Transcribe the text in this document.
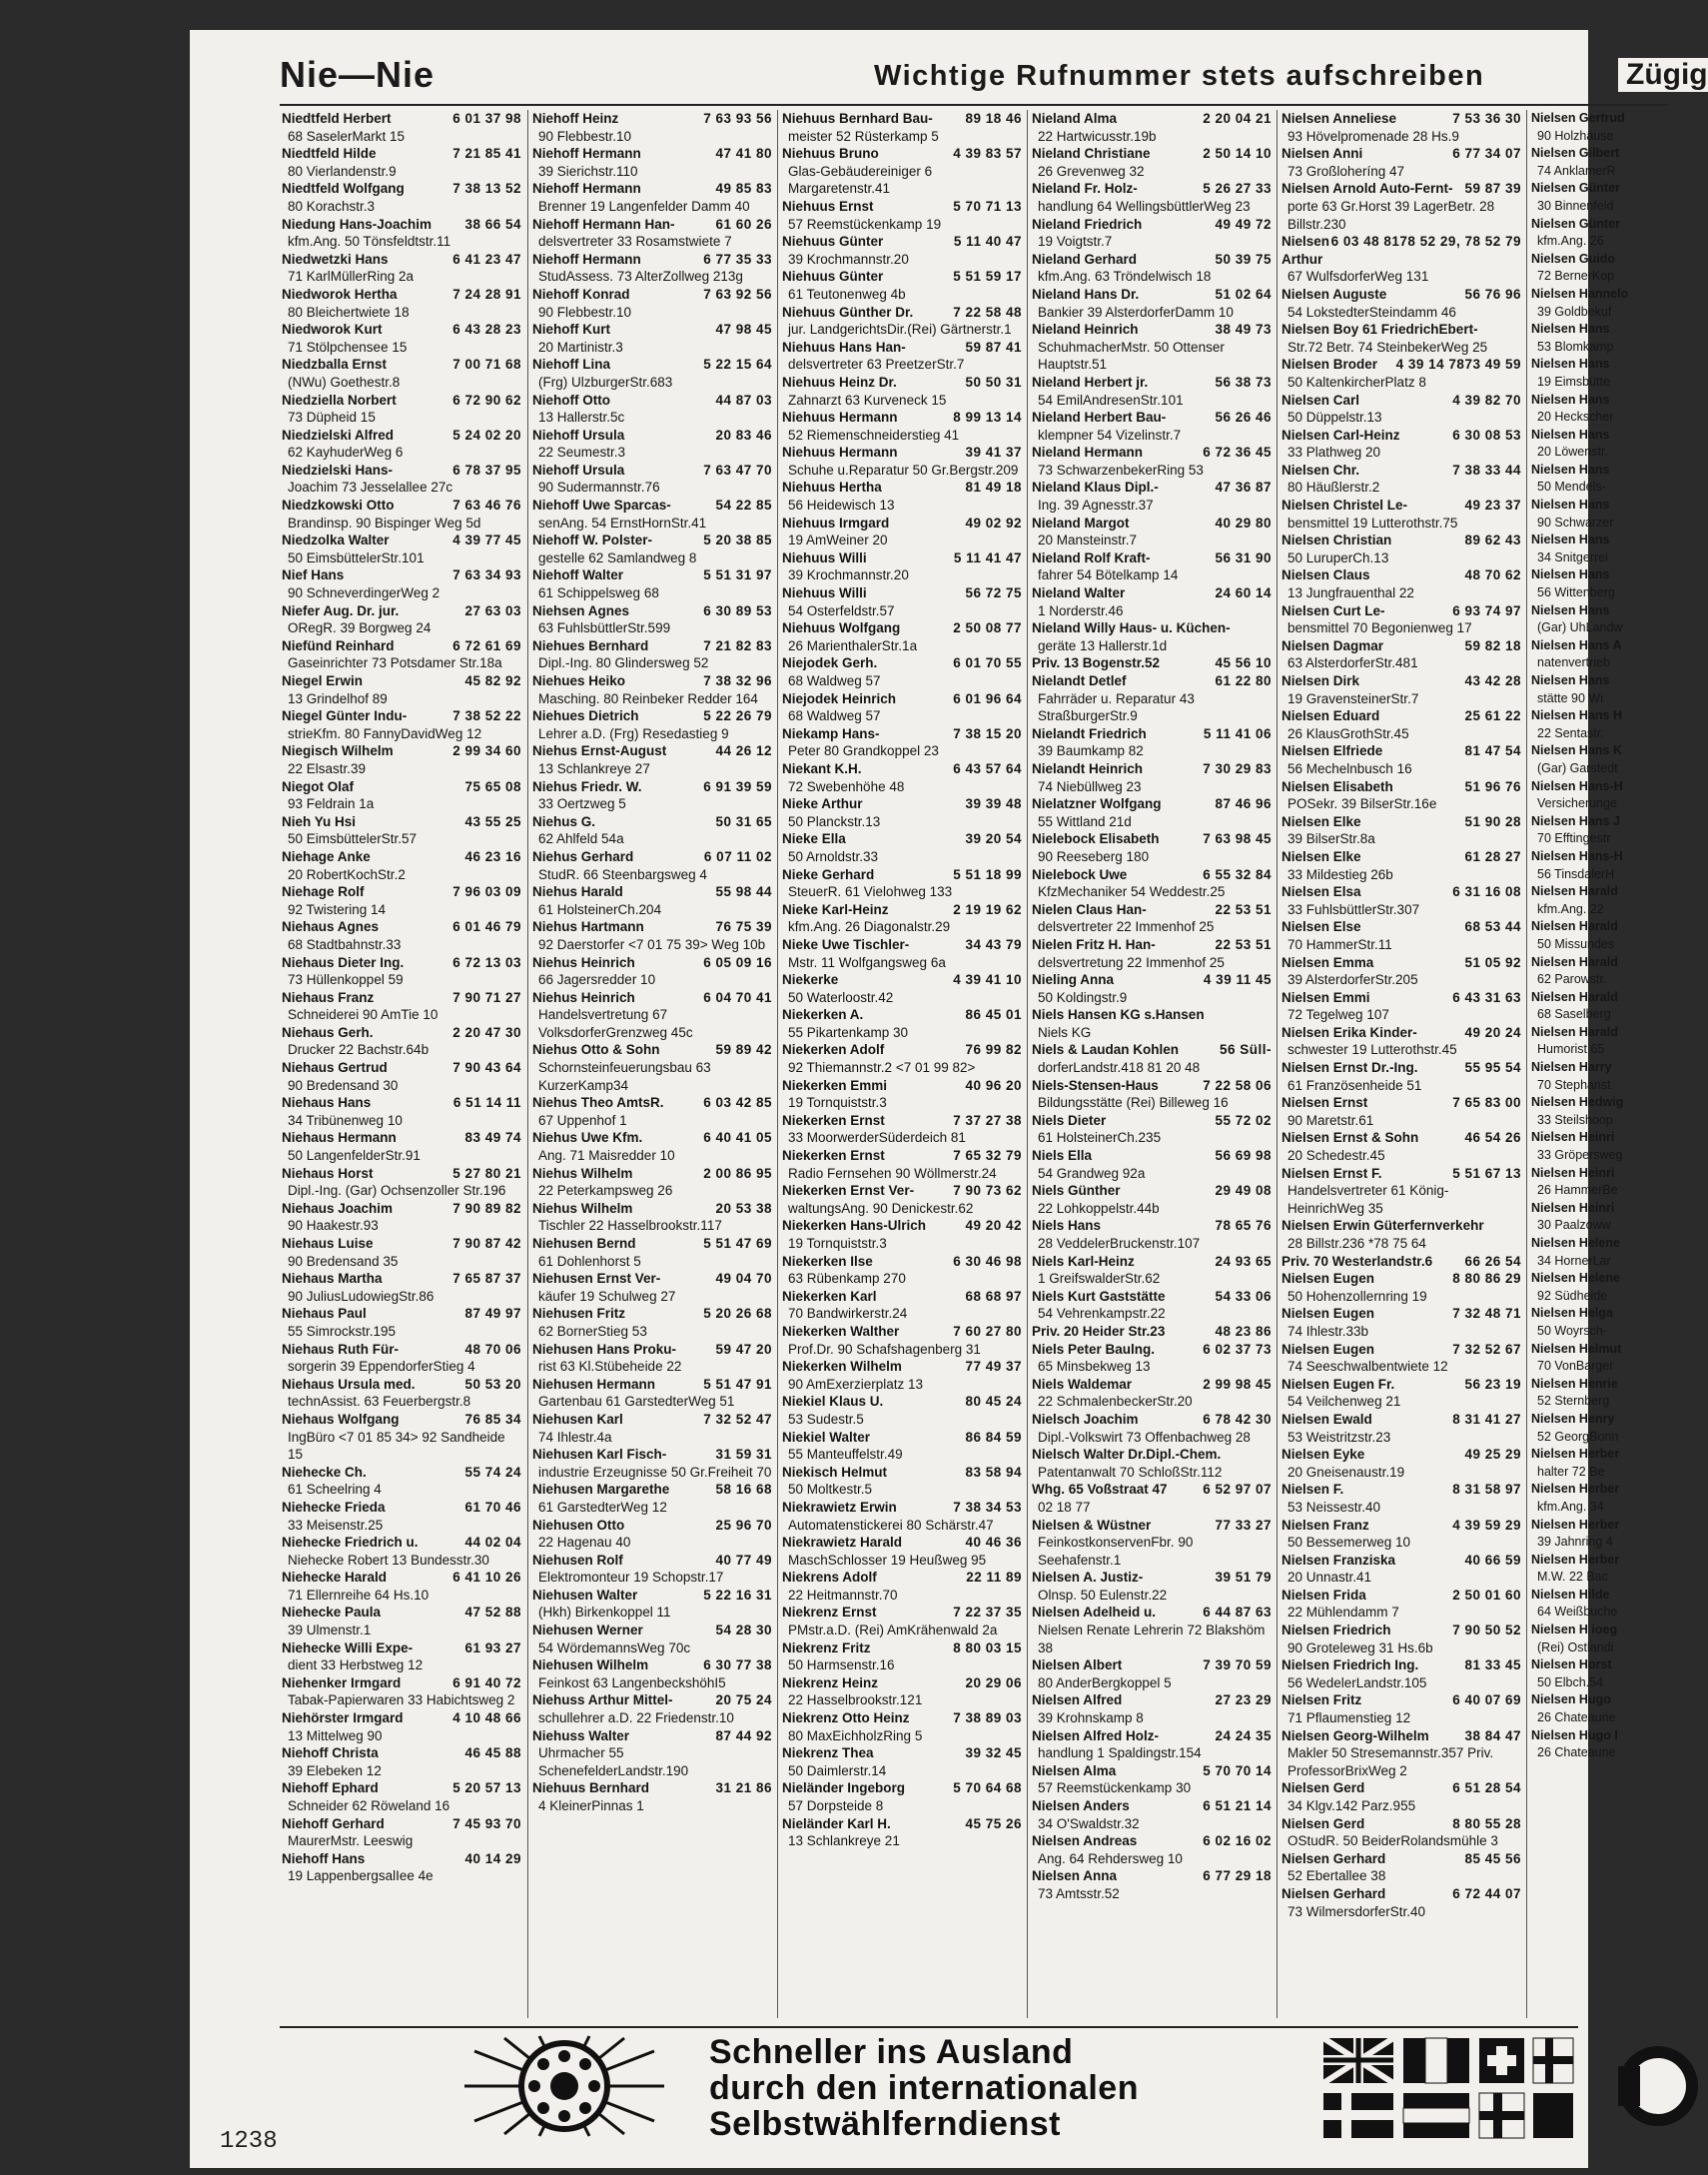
Nie—Nie	Wichtige Rufnummer stets aufschreiben	Zügig
6 01 37 98
Niedtfeld Herbert
68 SaselerMarkt 15
7 21 85 41
Niedtfeld Hilde
80 Vierlandenstr.9
7 38 13 52
Niedtfeld Wolfgang
80 Korachstr.3
38 66 54
Niedung Hans-Joachim
kfm.Ang. 50 Tönsfeldtstr.11
6 41 23 47
Niedwetzki Hans
71 KarlMüllerRing 2a
7 24 28 91
Niedworok Hertha
80 Bleichertwiete 18
6 43 28 23
Niedworok Kurt
71 Stölpchensee 15
7 00 71 68
Niedzballa Ernst
(NWu) Goethestr.8
6 72 90 62
Niedziella Norbert
73 Düpheid 15
5 24 02 20
Niedzielski Alfred
62 KayhuderWeg 6
6 78 37 95
Niedzielski Hans-
Joachim 73 Jesselallee 27c
7 63 46 76
Niedzkowski Otto
Brandinsp. 90 Bispinger Weg 5d
4 39 77 45
Niedzolka Walter
50 EimsbüttelerStr.101
7 63 34 93
Nief Hans
90 SchneverdingerWeg 2
27 63 03
Niefer Aug. Dr. jur.
ORegR. 39 Borgweg 24
6 72 61 69
Niefünd Reinhard
Gaseinrichter 73 Potsdamer Str.18a
45 82 92
Niegel Erwin
13 Grindelhof 89
7 38 52 22
Niegel Günter Indu-
strieKfm. 80 FannyDavidWeg 12
2 99 34 60
Niegisch Wilhelm
22 Elsastr.39
75 65 08
Niegot Olaf
93 Feldrain 1a
43 55 25
Nieh Yu Hsi
50 EimsbüttelerStr.57
46 23 16
Niehage Anke
20 RobertKochStr.2
7 96 03 09
Niehage Rolf
92 Twistering 14
6 01 46 79
Niehaus Agnes
68 Stadtbahnstr.33
6 72 13 03
Niehaus Dieter Ing.
73 Hüllenkoppel 59
7 90 71 27
Niehaus Franz
Schneiderei 90 AmTie 10
2 20 47 30
Niehaus Gerh.
Drucker 22 Bachstr.64b
7 90 43 64
Niehaus Gertrud
90 Bredensand 30
6 51 14 11
Niehaus Hans
34 Tribünenweg 10
83 49 74
Niehaus Hermann
50 LangenfelderStr.91
5 27 80 21
Niehaus Horst
Dipl.-Ing. (Gar) Ochsenzoller Str.196
7 90 89 82
Niehaus Joachim
90 Haakestr.93
7 90 87 42
Niehaus Luise
90 Bredensand 35
7 65 87 37
Niehaus Martha
90 JuliusLudowiegStr.86
87 49 97
Niehaus Paul
55 Simrockstr.195
48 70 06
Niehaus Ruth Für-
sorgerin 39 EppendorferStieg 4
50 53 20
Niehaus Ursula med.
technAssist. 63 Feuerbergstr.8
76 85 34
Niehaus Wolfgang
IngBüro <7 01 85 34> 92 Sandheide 15
55 74 24
Niehecke Ch.
61 Scheelring 4
61 70 46
Niehecke Frieda
33 Meisenstr.25
44 02 04
Niehecke Friedrich u.
Niehecke Robert 13 Bundesstr.30
6 41 10 26
Niehecke Harald
71 Ellernreihe 64 Hs.10
47 52 88
Niehecke Paula
39 Ulmenstr.1
61 93 27
Niehecke Willi Expe-
dient 33 Herbstweg 12
6 91 40 72
Niehenker Irmgard
Tabak-Papierwaren 33 Habichtsweg 2
4 10 48 66
Niehörster Irmgard
13 Mittelweg 90
46 45 88
Niehoff Christa
39 Elebeken 12
5 20 57 13
Niehoff Ephard
Schneider 62 Röweland 16
7 45 93 70
Niehoff Gerhard
MaurerMstr. Leeswig
40 14 29
Niehoff Hans
19 LappenbergsalIee 4e
7 63 93 56
Niehoff Heinz
90 Flebbestr.10
47 41 80
Niehoff Hermann
39 Sierichstr.110
49 85 83
Niehoff Hermann
Brenner 19 Langenfelder Damm 40
61 60 26
Niehoff Hermann Han-
delsvertreter 33 Rosamstwiete 7
6 77 35 33
Niehoff Hermann
StudAssess. 73 AlterZollweg 213g
7 63 92 56
Niehoff Konrad
90 Flebbestr.10
47 98 45
Niehoff Kurt
20 Martinistr.3
5 22 15 64
Niehoff Lina
(Frg) UlzburgerStr.683
44 87 03
Niehoff Otto
13 Hallerstr.5c
20 83 46
Niehoff Ursula
22 Seumestr.3
7 63 47 70
Niehoff Ursula
90 Sudermannstr.76
54 22 85
Niehoff Uwe Sparcas-
senAng. 54 ErnstHornStr.41
5 20 38 85
Niehoff W. Polster-
gestelle 62 Samlandweg 8
5 51 31 97
Niehoff Walter
61 Schippelsweg 68
6 30 89 53
Niehsen Agnes
63 FuhlsbüttlerStr.599
7 21 82 83
Niehues Bernhard
Dipl.-Ing. 80 Glindersweg 52
7 38 32 96
Niehues Heiko
Masching. 80 Reinbeker Redder 164
5 22 26 79
Niehues Dietrich
Lehrer a.D. (Frg) Resedastieg 9
44 26 12
Niehus Ernst-August
13 Schlankreye 27
6 91 39 59
Niehus Friedr. W.
33 Oertzweg 5
50 31 65
Niehus G.
62 Ahlfeld 54a
6 07 11 02
Niehus Gerhard
StudR. 66 Steenbargsweg 4
55 98 44
Niehus Harald
61 HolsteinerCh.204
76 75 39
Niehus Hartmann
92 Daerstorfer <7 01 75 39> Weg 10b
6 05 09 16
Niehus Heinrich
66 Jagersredder 10
6 04 70 41
Niehus Heinrich
Handelsvertretung 67 VolksdorferGrenzweg 45c
59 89 42
Niehus Otto & Sohn
Schornsteinfeuerungsbau 63 KurzerKamp34
6 03 42 85
Niehus Theo AmtsR.
67 Uppenhof 1
6 40 41 05
Niehus Uwe Kfm.
Ang. 71 Maisredder 10
2 00 86 95
Niehus Wilhelm
22 Peterkampsweg 26
20 53 38
Niehus Wilhelm
Tischler 22 Hasselbrookstr.117
5 51 47 69
Niehusen Bernd
61 Dohlenhorst 5
49 04 70
Niehusen Ernst Ver-
käufer 19 Schulweg 27
5 20 26 68
Niehusen Fritz
62 BornerStieg 53
59 47 20
Niehusen Hans Proku-
rist 63 Kl.Stübeheide 22
5 51 47 91
Niehusen Hermann
Gartenbau 61 GarstedterWeg 51
7 32 52 47
Niehusen Karl
74 Ihlestr.4a
31 59 31
Niehusen Karl Fisch-
industrie Erzeugnisse 50 Gr.Freiheit 70
58 16 68
Niehusen Margarethe
61 GarstedterWeg 12
25 96 70
Niehusen Otto
22 Hagenau 40
40 77 49
Niehusen Rolf
Elektromonteur 19 Schopstr.17
5 22 16 31
Niehusen Walter
(Hkh) Birkenkoppel 11
54 28 30
Niehusen Werner
54 WördemannsWeg 70c
6 30 77 38
Niehusen Wilhelm
Feinkost 63 LangenbeckshöhI5
20 75 24
Niehuss Arthur Mittel-
schullehrer a.D. 22 Friedenstr.10
87 44 92
Niehuss Walter
Uhrmacher 55 SchenefelderLandstr.190
31 21 86
Niehuus Bernhard
4 KleinerPinnas 1
89 18 46
Niehuus Bernhard Bau-
meister 52 Rüsterkamp 5
4 39 83 57
Niehuus Bruno
Glas-Gebäudereiniger 6 Margaretenstr.41
5 70 71 13
Niehuus Ernst
57 Reemstückenkamp 19
5 11 40 47
Niehuus Günter
39 Krochmannstr.20
5 51 59 17
Niehuus Günter
61 Teutonenweg 4b
7 22 58 48
Niehuus Günther Dr.
jur. LandgerichtsDir.(Rei) Gärtnerstr.1
59 87 41
Niehuus Hans Han-
delsvertreter 63 PreetzerStr.7
50 50 31
Niehuus Heinz Dr.
Zahnarzt 63 Kurveneck 15
8 99 13 14
Niehuus Hermann
52 Riemenschneiderstieg 41
39 41 37
Niehuus Hermann
Schuhe u.Reparatur 50 Gr.Bergstr.209
81 49 18
Niehuus Hertha
56 Heidewisch 13
49 02 92
Niehuus Irmgard
19 AmWeiner 20
5 11 41 47
Niehuus Willi
39 Krochmannstr.20
56 72 75
Niehuus Willi
54 Osterfeldstr.57
2 50 08 77
Niehuus Wolfgang
26 MarienthalerStr.1a
6 01 70 55
Niejodek Gerh.
68 Waldweg 57
6 01 96 64
Niejodek Heinrich
68 Waldweg 57
7 38 15 20
Niekamp Hans-
Peter 80 Grandkoppel 23
6 43 57 64
Niekant K.H.
72 Swebenhöhe 48
39 39 48
Nieke Arthur
50 Planckstr.13
39 20 54
Nieke Ella
50 Arnoldstr.33
5 51 18 99
Nieke Gerhard
SteuerR. 61 Vielohweg 133
2 19 19 62
Nieke Karl-Heinz
kfm.Ang. 26 Diagonalstr.29
34 43 79
Nieke Uwe Tischler-
Mstr. 11 Wolfgangsweg 6a
4 39 41 10
Niekerke
50 Waterloostr.42
86 45 01
Niekerken A.
55 Pikartenkamp 30
76 99 82
Niekerken Adolf
92 Thiemannstr.2 <7 01 99 82>
40 96 20
Niekerken Emmi
19 Tornquiststr.3
7 37 27 38
Niekerken Ernst
33 MoorwerderSüderdeich 81
7 65 32 79
Niekerken Ernst
Radio Fernsehen 90 Wöllmerstr.24
7 90 73 62
Niekerken Ernst Ver-
waltungsAng. 90 Denickestr.62
49 20 42
Niekerken Hans-Ulrich
19 Tornquiststr.3
6 30 46 98
Niekerken Ilse
63 Rübenkamp 270
68 68 97
Niekerken Karl
70 Bandwirkerstr.24
7 60 27 80
Niekerken Walther
Prof.Dr. 90 Schafshagenberg 31
77 49 37
Niekerken Wilhelm
90 AmExerzierplatz 13
80 45 24
Niekiel Klaus U.
53 Sudestr.5
86 84 59
Niekiel Walter
55 Manteuffelstr.49
83 58 94
Niekisch Helmut
50 Moltkestr.5
7 38 34 53
Niekrawietz Erwin
Automatenstickerei 80 Schärstr.47
40 46 36
Niekrawietz Harald
MaschSchlosser 19 Heußweg 95
22 11 89
Niekrens Adolf
22 Heitmannstr.70
7 22 37 35
Niekrenz Ernst
PMstr.a.D. (Rei) AmKrähenwald 2a
8 80 03 15
Niekrenz Fritz
50 Harmsenstr.16
20 29 06
Niekrenz Heinz
22 Hasselbrookstr.121
7 38 89 03
Niekrenz Otto Heinz
80 MaxEichholzRing 5
39 32 45
Niekrenz Thea
50 Daimlerstr.14
5 70 64 68
Nieländer Ingeborg
57 Dorpsteide 8
45 75 26
Nieländer Karl H.
13 Schlankreye 21
2 20 04 21
Nieland Alma
22 Hartwicusstr.19b
2 50 14 10
Nieland Christiane
26 Grevenweg 32
5 26 27 33
Nieland Fr. Holz-
handlung 64 WellingsbüttlerWeg 23
49 49 72
Nieland Friedrich
19 Voigtstr.7
50 39 75
Nieland Gerhard
kfm.Ang. 63 Tröndelwisch 18
51 02 64
Nieland Hans Dr.
Bankier 39 AlsterdorferDamm 10
38 49 73
Nieland Heinrich
SchuhmacherMstr. 50 Ottenser Hauptstr.51
56 38 73
Nieland Herbert jr.
54 EmilAndresenStr.101
56 26 46
Nieland Herbert Bau-
klempner 54 Vizelinstr.7
6 72 36 45
Nieland Hermann
73 SchwarzenbekerRing 53
47 36 87
Nieland Klaus Dipl.-
Ing. 39 Agnesstr.37
40 29 80
Nieland Margot
20 Mansteinstr.7
56 31 90
Nieland Rolf Kraft-
fahrer 54 Bötelkamp 14
24 60 14
Nieland Walter
1 Norderstr.46
Nieland Willy Haus- u. Küchen-
geräte 13 Hallerstr.1d
45 56 10
Priv. 13 Bogenstr.52
61 22 80
Nielandt Detlef
Fahrräder u. Reparatur 43 StraßburgerStr.9
5 11 41 06
Nielandt Friedrich
39 Baumkamp 82
7 30 29 83
Nielandt Heinrich
74 Niebüllweg 23
87 46 96
Nielatzner Wolfgang
55 Wittland 21d
7 63 98 45
Nielebock Elisabeth
90 Reeseberg 180
6 55 32 84
Nielebock Uwe
KfzMechaniker 54 Weddestr.25
22 53 51
Nielen Claus Han-
delsvertreter 22 Immenhof 25
22 53 51
Nielen Fritz H. Han-
delsvertretung 22 Immenhof 25
4 39 11 45
Nieling Anna
50 Koldingstr.9
Niels Hansen KG s.Hansen
Niels KG
56 Süll-
Niels & Laudan Kohlen
dorferLandstr.418 81 20 48
7 22 58 06
Niels-Stensen-Haus
Bildungsstätte (Rei) Billeweg 16
55 72 02
Niels Dieter
61 HolsteinerCh.235
56 69 98
Niels Ella
54 Grandweg 92a
29 49 08
Niels Günther
22 Lohkoppelstr.44b
78 65 76
Niels Hans
28 VeddelerBruckenstr.107
24 93 65
Niels Karl-Heinz
1 GreifswalderStr.62
54 33 06
Niels Kurt Gaststätte
54 Vehrenkampstr.22
48 23 86
Priv. 20 Heider Str.23
6 02 37 73
Niels Peter Baulng.
65 Minsbekweg 13
2 99 98 45
Niels Waldemar
22 SchmalenbeckerStr.20
6 78 42 30
Nielsch Joachim
Dipl.-Volkswirt 73 Offenbachweg 28
Nielsch Walter Dr.Dipl.-Chem.
Patentanwalt 70 SchloßStr.112
6 52 97 07
Whg. 65 Voßstraat 47
02 18 77
77 33 27
Nielsen & Wüstner
FeinkostkonservenFbr. 90 Seehafenstr.1
39 51 79
Nielsen A. Justiz-
Olnsp. 50 Eulenstr.22
6 44 87 63
Nielsen Adelheid u.
Nielsen Renate Lehrerin 72 Blakshöm 38
7 39 70 59
Nielsen Albert
80 AnderBergkoppel 5
27 23 29
Nielsen Alfred
39 Krohnskamp 8
24 24 35
Nielsen Alfred Holz-
handlung 1 Spaldingstr.154
5 70 70 14
Nielsen Alma
57 Reemstückenkamp 30
6 51 21 14
Nielsen Anders
34 O'Swaldstr.32
6 02 16 02
Nielsen Andreas
Ang. 64 Rehdersweg 10
6 77 29 18
Nielsen Anna
73 Amtsstr.52
7 53 36 30
Nielsen Anneliese
93 Hövelpromenade 28 Hs.9
6 77 34 07
Nielsen Anni
73 Großloheríng 47
59 87 39
Nielsen Arnold Auto-Fernt-
porte 63 Gr.Horst 39 LagerBetr. 28 Billstr.230
78 52 29, 78 52 79
6 03 48 81
Nielsen Arthur
67 WulfsdorferWeg 131
56 76 96
Nielsen Auguste
54 LokstedterSteindamm 46
Nielsen Boy 61 FriedrichEbert-
Str.72 Betr. 74 SteinbekerWeg 25
73 49 59
4 39 14 78
Nielsen Broder
50 KaltenkircherPlatz 8
4 39 82 70
Nielsen Carl
50 Düppelstr.13
6 30 08 53
Nielsen Carl-Heinz
33 Plathweg 20
7 38 33 44
Nielsen Chr.
80 Häußlerstr.2
49 23 37
Nielsen Christel Le-
bensmittel 19 Lutterothstr.75
89 62 43
Nielsen Christian
50 LuruperCh.13
48 70 62
Nielsen Claus
13 Jungfrauenthal 22
6 93 74 97
Nielsen Curt Le-
bensmittel 70 Begonienweg 17
59 82 18
Nielsen Dagmar
63 AlsterdorferStr.481
43 42 28
Nielsen Dirk
19 GravensteinerStr.7
25 61 22
Nielsen Eduard
26 KlausGrothStr.45
81 47 54
Nielsen Elfriede
56 Mechelnbusch 16
51 96 76
Nielsen Elisabeth
POSekr. 39 BilserStr.16e
51 90 28
Nielsen Elke
39 BilserStr.8a
61 28 27
Nielsen Elke
33 Mildestieg 26b
6 31 16 08
Nielsen Elsa
33 FuhlsbüttlerStr.307
68 53 44
Nielsen Else
70 HammerStr.11
51 05 92
Nielsen Emma
39 AlsterdorferStr.205
6 43 31 63
Nielsen Emmi
72 Tegelweg 107
49 20 24
Nielsen Erika Kinder-
schwester 19 Lutterothstr.45
55 95 54
Nielsen Ernst Dr.-Ing.
61 Französenheide 51
7 65 83 00
Nielsen Ernst
90 Maretstr.61
46 54 26
Nielsen Ernst & Sohn
20 Schedestr.45
5 51 67 13
Nielsen Ernst F.
Handelsvertreter 61 König-HeinrichWeg 35
Nielsen Erwin Güterfernverkehr
28 Billstr.236 *78 75 64
66 26 54
Priv. 70 Westerlandstr.6
8 80 86 29
Nielsen Eugen
50 Hohenzollernring 19
7 32 48 71
Nielsen Eugen
74 Ihlestr.33b
7 32 52 67
Nielsen Eugen
74 Seeschwalbentwiete 12
56 23 19
Nielsen Eugen Fr.
54 Veilchenweg 21
8 31 41 27
Nielsen Ewald
53 Weistritzstr.23
49 25 29
Nielsen Eyke
20 Gneisenaustr.19
8 31 58 97
Nielsen F.
53 Neissestr.40
4 39 59 29
Nielsen Franz
50 Bessemerweg 10
40 66 59
Nielsen Franziska
20 Unnastr.41
2 50 01 60
Nielsen Frida
22 Mühlendamm 7
7 90 50 52
Nielsen Friedrich
90 Groteleweg 31 Hs.6b
81 33 45
Nielsen Friedrich Ing.
56 WedelerLandstr.105
6 40 07 69
Nielsen Fritz
71 Pflaumenstieg 12
38 84 47
Nielsen Georg-Wilhelm
Makler 50 Stresemannstr.357 Priv. ProfessorBrixWeg 2
6 51 28 54
Nielsen Gerd
34 Klgv.142 Parz.955
8 80 55 28
Nielsen Gerd
OStudR. 50 BeiderRolandsmühle 3
85 45 56
Nielsen Gerhard
52 Ebertallee 38
6 72 44 07
Nielsen Gerhard
73 WilmersdorferStr.40
Nielsen Gertrud
90 Holzhäuse
Nielsen Gilbert
74 AnklamerR
Nielsen Günter
30 Binnenfeld
Nielsen Günter
kfm.Ang. 26
Nielsen Guido
72 BernerKop
Nielsen Hannelo
39 Goldbekuf
Nielsen Hans
53 Blomkamp
Nielsen Hans
19 Eimsbütte
Nielsen Hans
20 Heckscher
Nielsen Hans
20 Löwenstr.
Nielsen Hans
50 Mendels-
Nielsen Hans
90 Schwarzer
Nielsen Hans
34 Snitgerrei
Nielsen Hans
56 Wittenberg
Nielsen Hans
(Gar) UhLandw
Nielsen Hans A
natenvertrieb
Nielsen Hans
stätte 90 Wi
Nielsen Hans H
22 Sentastr.
Nielsen Hans K
(Gar) Garstedt
Nielsen Hans-H
Versicherunge
Nielsen Hans J
70 Efftingestr
Nielsen Hans-H
56 TinsdalerH
Nielsen Harald
kfm.Ang. 22
Nielsen Harald
50 Missundes
Nielsen Harald
62 Parowstr.
Nielsen Harald
68 Saselberg
Nielsen Harald
Humorist 65
Nielsen Harry
70 Stephanst
Nielsen Hedwig
33 Steilshoop
Nielsen Heinri
33 Gröpersweg
Nielsen Heinri
26 HammerBe
Nielsen Heinri
30 Paalzoww
Nielsen Helene
34 HornerLar
Nielsen Helene
92 Südheide
Nielsen Helga
50 Woyrsch-
Nielsen Helmut
70 VonBarger
Nielsen Henrie
52 Sternberg
Nielsen Henry
52 GeorgBonn
Nielsen Herber
halter 72 Be
Nielsen Herber
kfm.Ang. 34
Nielsen Herber
39 Jahnring 4
Nielsen Herber
M.W. 22 Bac
Nielsen Hilde
64 Weißbuche
Nielsen H ioeg
(Rei) Ostlandi
Nielsen Horst
50 Elbch.54
Nielsen Hugo
26 Chateaune
Nielsen Hugo I
26 Chateaune
Schneller ins Ausland
durch den internationalen
Selbstwählferndienst
1238
